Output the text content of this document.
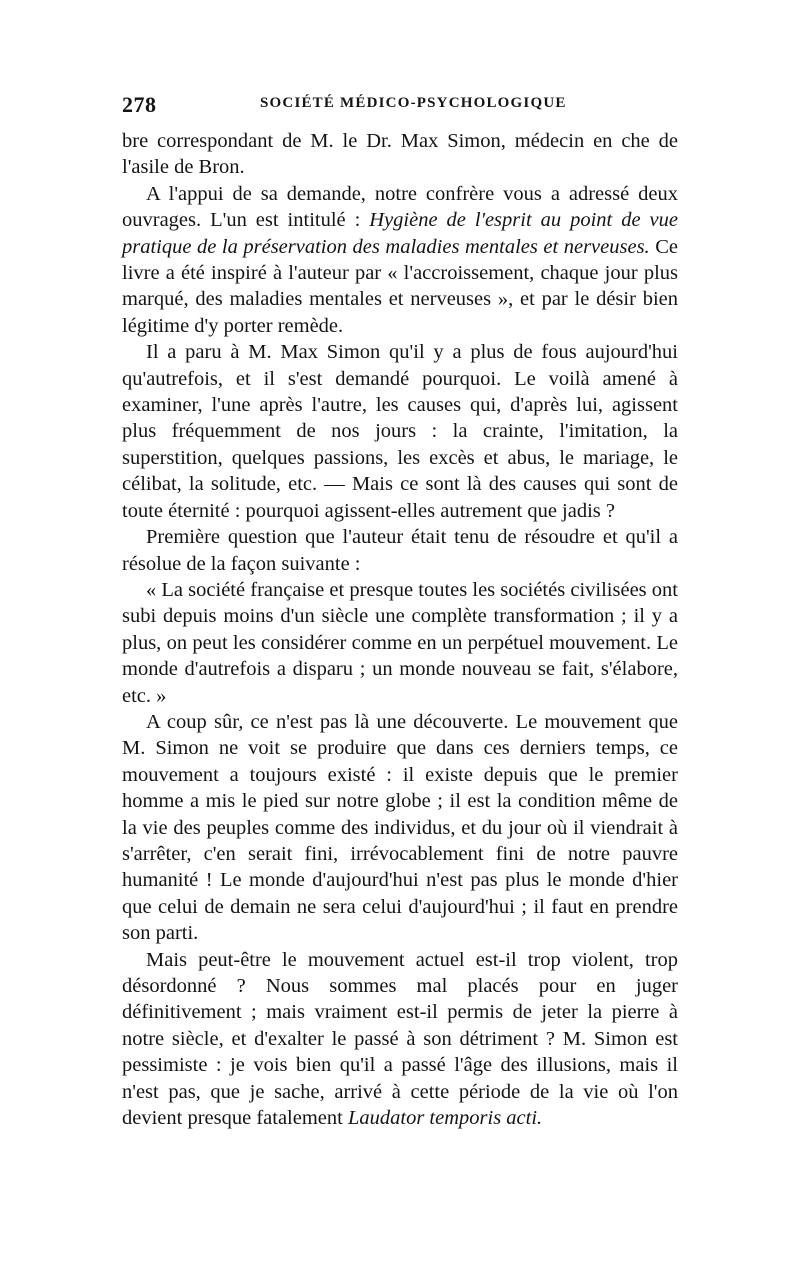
278	SOCIÉTÉ MÉDICO-PSYCHOLOGIQUE

bre correspondant de M. le Dr. Max Simon, médecin en che de l'asile de Bron.

A l'appui de sa demande, notre confrère vous a adressé deux ouvrages. L'un est intitulé : Hygiène de l'esprit au point de vue pratique de la préservation des maladies mentales et nerveuses. Ce livre a été inspiré à l'auteur par « l'accroissement, chaque jour plus marqué, des maladies mentales et nerveuses », et par le désir bien légitime d'y porter remède.

Il a paru à M. Max Simon qu'il y a plus de fous aujourd'hui qu'autrefois, et il s'est demandé pourquoi. Le voilà amené à examiner, l'une après l'autre, les causes qui, d'après lui, agissent plus fréquemment de nos jours : la crainte, l'imitation, la superstition, quelques passions, les excès et abus, le mariage, le célibat, la solitude, etc. — Mais ce sont là des causes qui sont de toute éternité : pourquoi agissent-elles autrement que jadis ?

Première question que l'auteur était tenu de résoudre et qu'il a résolue de la façon suivante :

« La société française et presque toutes les sociétés civilisées ont subi depuis moins d'un siècle une complète transformation ; il y a plus, on peut les considérer comme en un perpétuel mouvement. Le monde d'autrefois a disparu ; un monde nouveau se fait, s'élabore, etc. »

A coup sûr, ce n'est pas là une découverte. Le mouvement que M. Simon ne voit se produire que dans ces derniers temps, ce mouvement a toujours existé : il existe depuis que le premier homme a mis le pied sur notre globe ; il est la condition même de la vie des peuples comme des individus, et du jour où il viendrait à s'arrêter, c'en serait fini, irrévocablement fini de notre pauvre humanité ! Le monde d'aujourd'hui n'est pas plus le monde d'hier que celui de demain ne sera celui d'aujourd'hui ; il faut en prendre son parti.

Mais peut-être le mouvement actuel est-il trop violent, trop désordonné ? Nous sommes mal placés pour en juger définitivement ; mais vraiment est-il permis de jeter la pierre à notre siècle, et d'exalter le passé à son détriment ? M. Simon est pessimiste : je vois bien qu'il a passé l'âge des illusions, mais il n'est pas, que je sache, arrivé à cette période de la vie où l'on devient presque fatalement Laudator temporis acti.
